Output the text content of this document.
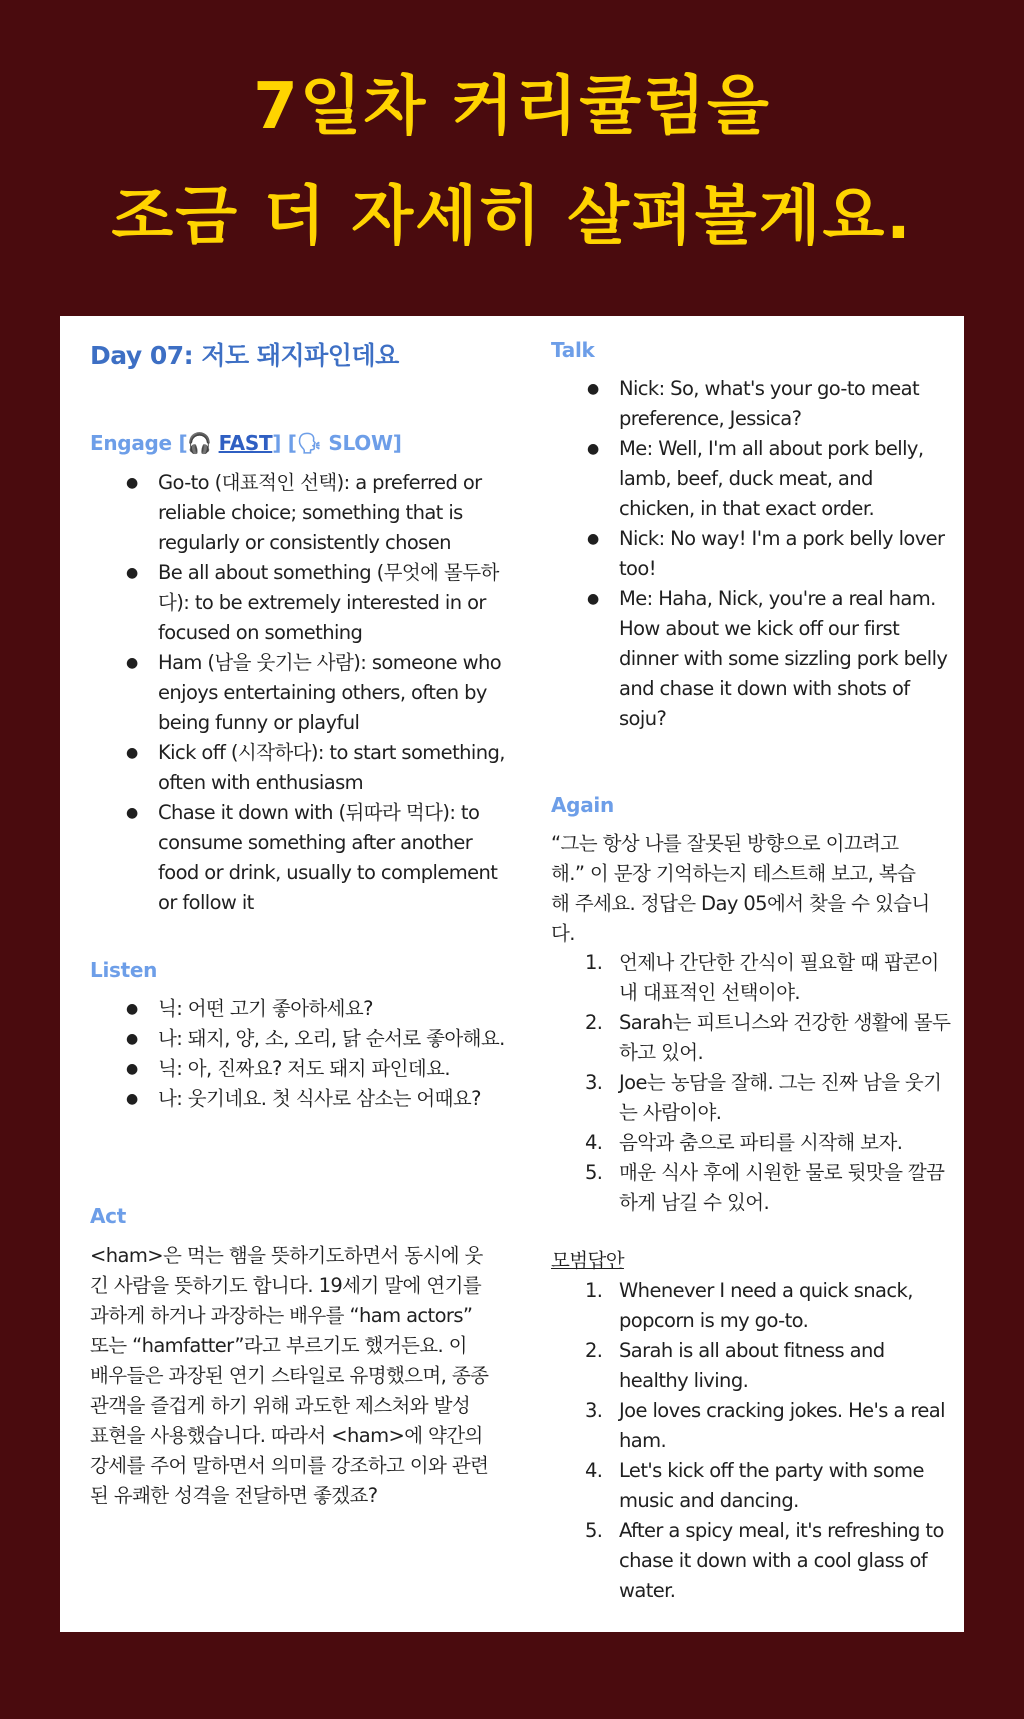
7일차 커리큘럼을
조금 더 자세히 살펴볼게요.
Day 07: 저도 돼지파인데요
Engage [🎧 FAST] [🗣 SLOW]
● Go-to (대표적인 선택): a preferred or reliable choice; something that is regularly or consistently chosen
● Be all about something (무엇에 몰두하다): to be extremely interested in or focused on something
● Ham (남을 웃기는 사람): someone who enjoys entertaining others, often by being funny or playful
● Kick off (시작하다): to start something, often with enthusiasm
● Chase it down with (뒤따라 먹다): to consume something after another food or drink, usually to complement or follow it
Listen
● 닉: 어떤 고기 좋아하세요?
● 나: 돼지, 양, 소, 오리, 닭 순서로 좋아해요.
● 닉: 아, 진짜요? 저도 돼지 파인데요.
● 나: 웃기네요. 첫 식사로 삼소는 어때요?
Act
<ham>은 먹는 햄을 뜻하기도하면서 동시에 웃긴 사람을 뜻하기도 합니다. 19세기 말에 연기를 과하게 하거나 과장하는 배우를 “ham actors” 또는 “hamfatter”라고 부르기도 했거든요. 이 배우들은 과장된 연기 스타일로 유명했으며, 종종 관객을 즐겁게 하기 위해 과도한 제스처와 발성 표현을 사용했습니다. 따라서 <ham>에 약간의 강세를 주어 말하면서 의미를 강조하고 이와 관련된 유쾌한 성격을 전달하면 좋겠죠?
Talk
● Nick: So, what's your go-to meat preference, Jessica?
● Me: Well, I'm all about pork belly, lamb, beef, duck meat, and chicken, in that exact order.
● Nick: No way! I'm a pork belly lover too!
● Me: Haha, Nick, you're a real ham. How about we kick off our first dinner with some sizzling pork belly and chase it down with shots of soju?
Again
“그는 항상 나를 잘못된 방향으로 이끄려고 해.” 이 문장 기억하는지 테스트해 보고, 복습해 주세요. 정답은 Day 05에서 찾을 수 있습니다.
1. 언제나 간단한 간식이 필요할 때 팝콘이 내 대표적인 선택이야.
2. Sarah는 피트니스와 건강한 생활에 몰두하고 있어.
3. Joe는 농담을 잘해. 그는 진짜 남을 웃기는 사람이야.
4. 음악과 춤으로 파티를 시작해 보자.
5. 매운 식사 후에 시원한 물로 뒷맛을 깔끔하게 남길 수 있어.
모범답안
1. Whenever I need a quick snack, popcorn is my go-to.
2. Sarah is all about fitness and healthy living.
3. Joe loves cracking jokes. He's a real ham.
4. Let's kick off the party with some music and dancing.
5. After a spicy meal, it's refreshing to chase it down with a cool glass of water.
